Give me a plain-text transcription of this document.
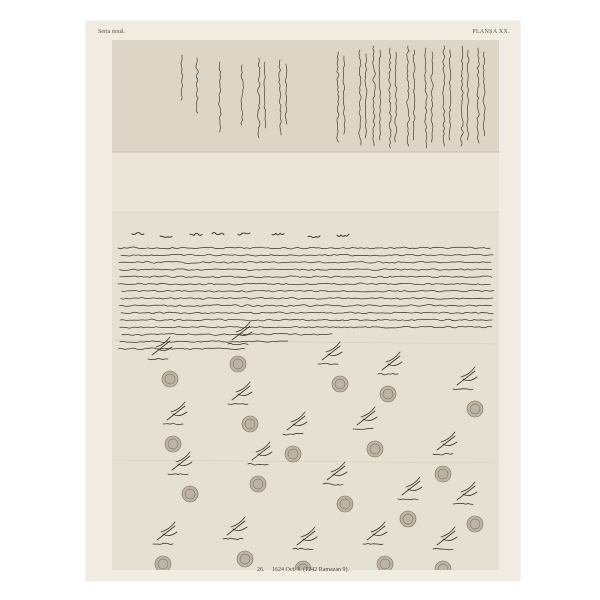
Seria nouă.	PLANȘA XX.
26. 1624 Oct. 3. (1242 Ramazan 9).
